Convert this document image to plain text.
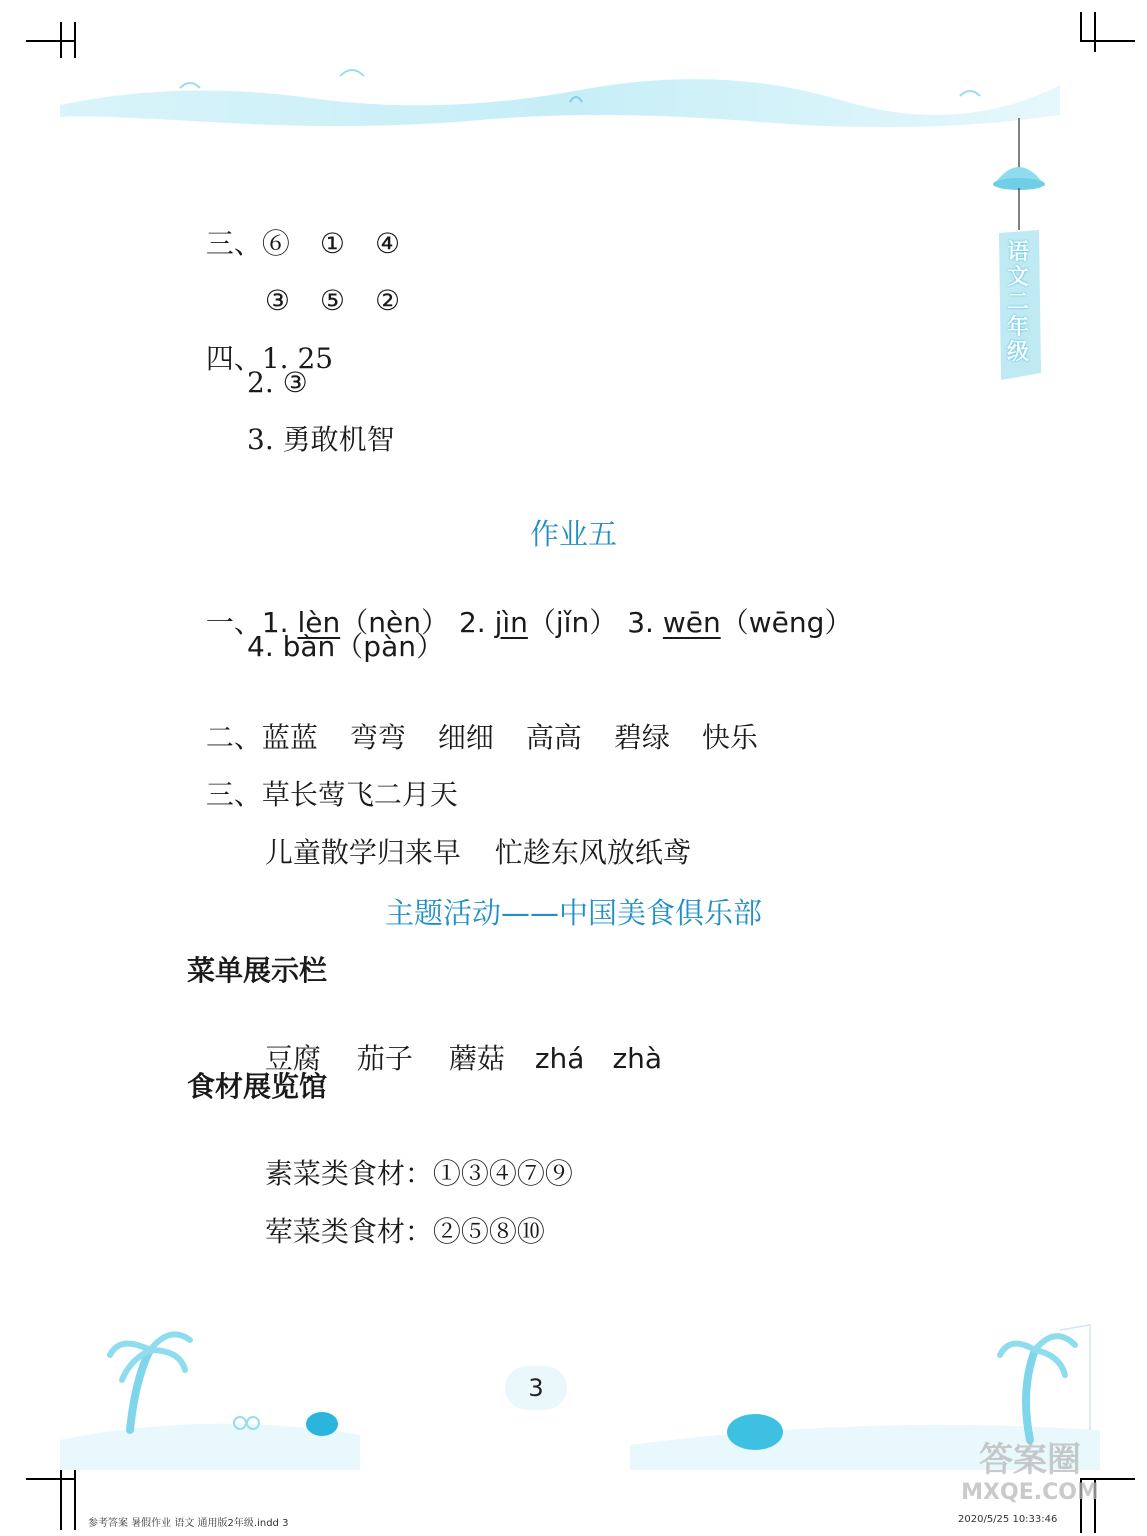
语
文
二
年
级

三、⑥ ① ④

③ ⑤ ②

四、1. 25

2. ③
3. 勇敢机智
作业五

一、1. lèn（nèn） 2. jìn（jǐn） 3. wēn（wēng）

4. bàn（pàn）

二、蓝蓝 弯弯 细细 高高 碧绿 快乐

三、草长莺飞二月天

儿童散学归来早 忙趁东风放纸鸢

主题活动——中国美食俱乐部
菜单展示栏

豆腐 茄子 蘑菇 zhá zhà

食材展览馆

素菜类食材：①③④⑦⑨

荤菜类食材：②⑤⑧⑩

3
答案圈
MXQE.COM
参考答案 暑假作业 语文 通用版2年级.indd 3	2020/5/25 10:33:46
